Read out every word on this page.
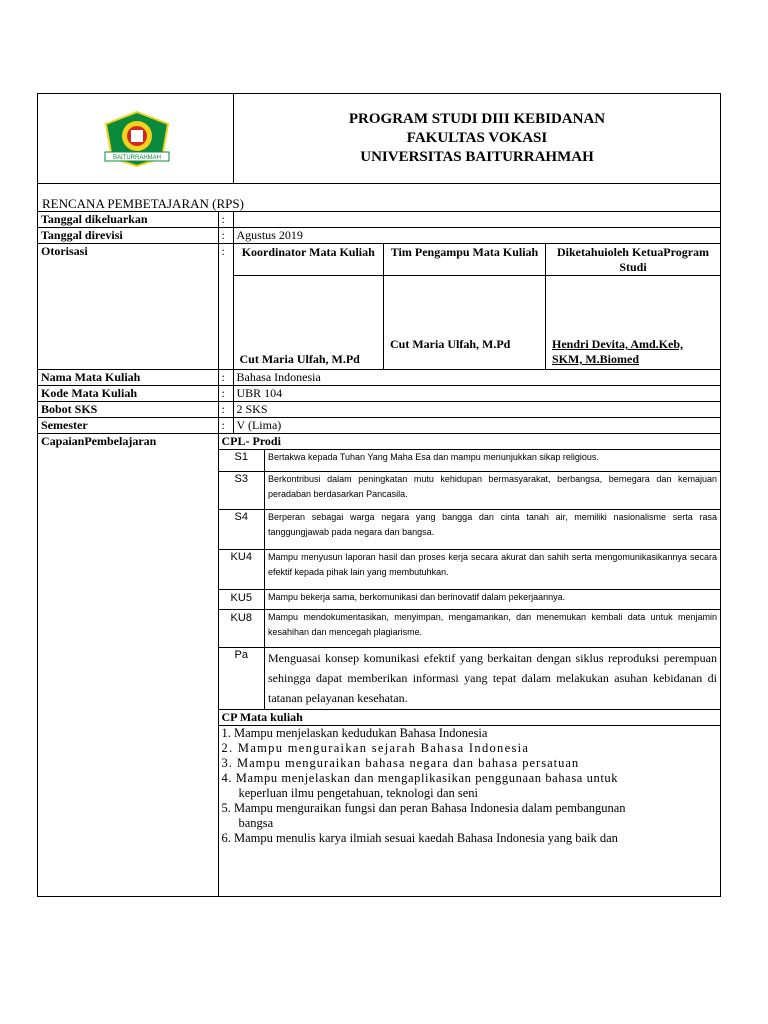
BAITURRAHMAH
PROGRAM STUDI DIII KEBIDANAN
FAKULTAS VOKASI
UNIVERSITAS BAITURRAHMAH
RENCANA PEMBETAJARAN (RPS)
Tanggal dikeluarkan	:	
Tanggal direvisi	:	Agustus 2019
Otorisasi	:	Koordinator Mata Kuliah	Tim Pengampu Mata Kuliah	Diketahuioleh KetuaProgram Studi
Cut Maria Ulfah, M.Pd	Cut Maria Ulfah, M.Pd	Hendri Devita, Amd.Keb, SKM, M.Biomed

Nama Mata Kuliah	:	Bahasa Indonesia
Kode Mata Kuliah	:	UBR 104
Bobot SKS	:	2 SKS
Semester	:	V (Lima)
CapaianPembelajaran		CPL- Prodi
S1	Bertakwa kepada Tuhan Yang Maha Esa dan mampu menunjukkan sikap religious.
S3	Berkontribusi dalam peningkatan mutu kehidupan bermasyarakat, berbangsa, bernegara dan kemajuan peradaban berdasarkan Pancasila.
S4	Berperan sebagai warga negara yang bangga dan cinta tanah air, memiliki nasionalisme serta rasa tanggungjawab pada negara dan bangsa.
KU4	Mampu menyusun laporan hasil dan proses kerja secara akurat dan sahih serta mengomunikasikannya secara efektif kepada pihak lain yang membutuhkan.
KU5	Mampu bekerja sama, berkomunikasi dan berinovatif dalam pekerjaannya.
KU8	Mampu mendokumentasikan, menyimpan, mengamankan, dan menemukan kembali data untuk menjamin kesahihan dan mencegah plagiarisme.
Pa	Menguasai konsep komunikasi efektif yang berkaitan dengan siklus reproduksi perempuan sehingga dapat memberikan informasi yang tepat dalam melakukan asuhan kebidanan di tatanan pelayanan kesehatan.
CP Mata kuliah

1. Mampu menjelaskan kedudukan Bahasa Indonesia
2. Mampu menguraikan sejarah Bahasa Indonesia
3. Mampu menguraikan bahasa negara dan bahasa persatuan
4. Mampu menjelaskan dan mengaplikasikan penggunaan bahasa untuk
keperluan ilmu pengetahuan, teknologi dan seni
5. Mampu menguraikan fungsi dan peran Bahasa Indonesia dalam pembangunan
bangsa
6. Mampu menulis karya ilmiah sesuai kaedah Bahasa Indonesia yang baik dan
